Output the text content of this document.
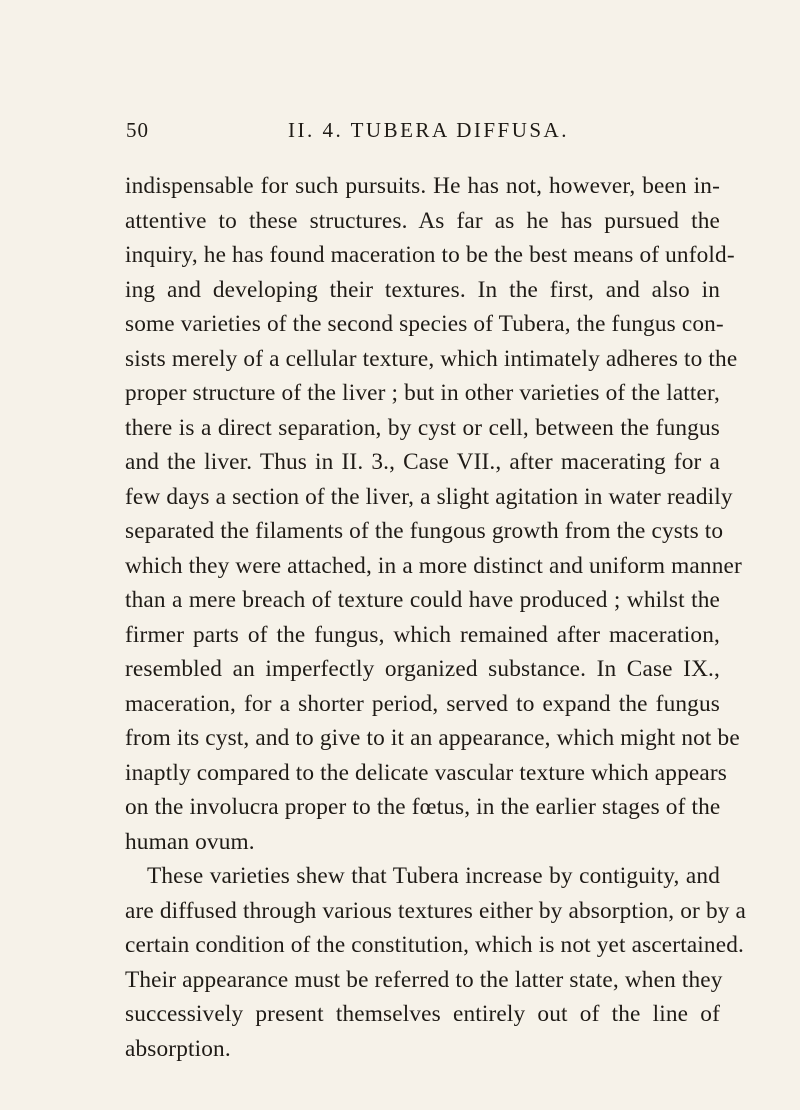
50	II. 4. TUBERA DIFFUSA.
indispensable for such pursuits. He has not, however, been in-
attentive to these structures. As far as he has pursued the
inquiry, he has found maceration to be the best means of unfold-
ing and developing their textures. In the first, and also in
some varieties of the second species of Tubera, the fungus con-
sists merely of a cellular texture, which intimately adheres to the
proper structure of the liver ; but in other varieties of the latter,
there is a direct separation, by cyst or cell, between the fungus
and the liver. Thus in II. 3., Case VII., after macerating for a
few days a section of the liver, a slight agitation in water readily
separated the filaments of the fungous growth from the cysts to
which they were attached, in a more distinct and uniform manner
than a mere breach of texture could have produced ; whilst the
firmer parts of the fungus, which remained after maceration,
resembled an imperfectly organized substance. In Case IX.,
maceration, for a shorter period, served to expand the fungus
from its cyst, and to give to it an appearance, which might not be
inaptly compared to the delicate vascular texture which appears
on the involucra proper to the fœtus, in the earlier stages of the
human ovum.
These varieties shew that Tubera increase by contiguity, and
are diffused through various textures either by absorption, or by a
certain condition of the constitution, which is not yet ascertained.
Their appearance must be referred to the latter state, when they
successively present themselves entirely out of the line of
absorption.
